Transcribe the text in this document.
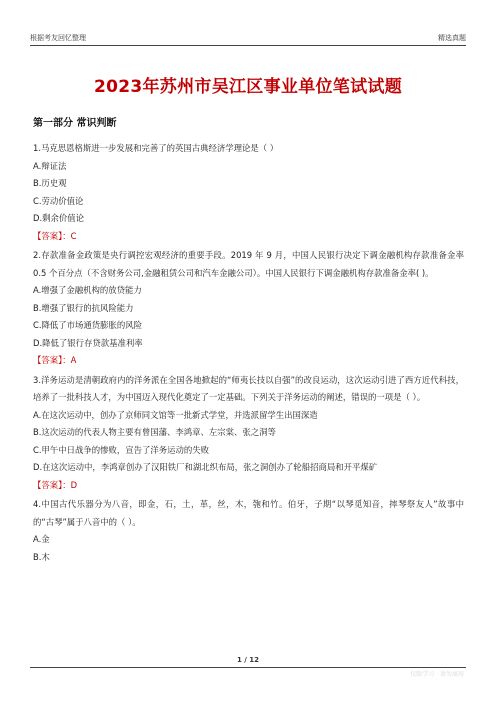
根据考友回忆整理	精选真题
2023年苏州市吴江区事业单位笔试试题
第一部分 常识判断

1.马克思恩格斯进一步发展和完善了的英国古典经济学理论是（ ）

A.辩证法

B.历史观

C.劳动价值论

D.剩余价值论

【答案】：C

2.存款准备金政策是央行调控宏观经济的重要手段。2019 年 9 月，中国人民银行决定下调金融机构存款准备金率 0.5 个百分点（不含财务公司,金融租赁公司和汽车金融公司）。中国人民银行下调金融机构存款准备金率( )。

A.增强了金融机构的放贷能力

B.增强了银行的抗风险能力

C.降低了市场通货膨胀的风险

D.降低了银行存贷款基准利率

【答案】：A

3.洋务运动是清朝政府内的洋务派在全国各地掀起的“师夷长技以自强”的改良运动，这次运动引进了西方近代科技，培养了一批科技人才，为中国迈入现代化奠定了一定基础。下列关于洋务运动的阐述，错误的一项是（ ）。

A.在这次运动中，创办了京师同文馆等一批新式学堂，并选派留学生出国深造

B.这次运动的代表人物主要有曾国藩、李鸿章、左宗棠、张之洞等

C.甲午中日战争的惨败，宣告了洋务运动的失败

D.在这次运动中，李鸿章创办了汉阳铁厂和湖北织布局，张之洞创办了轮船招商局和开平煤矿

【答案】：D

4.中国古代乐器分为八音，即金，石，土，革，丝，木，匏和竹。伯牙，子期“以琴觅知音，摔琴祭友人”故事中的“古琴”属于八音中的（ ）。

A.金

B.木

1 / 12
仅限学习 · 请勿商用
